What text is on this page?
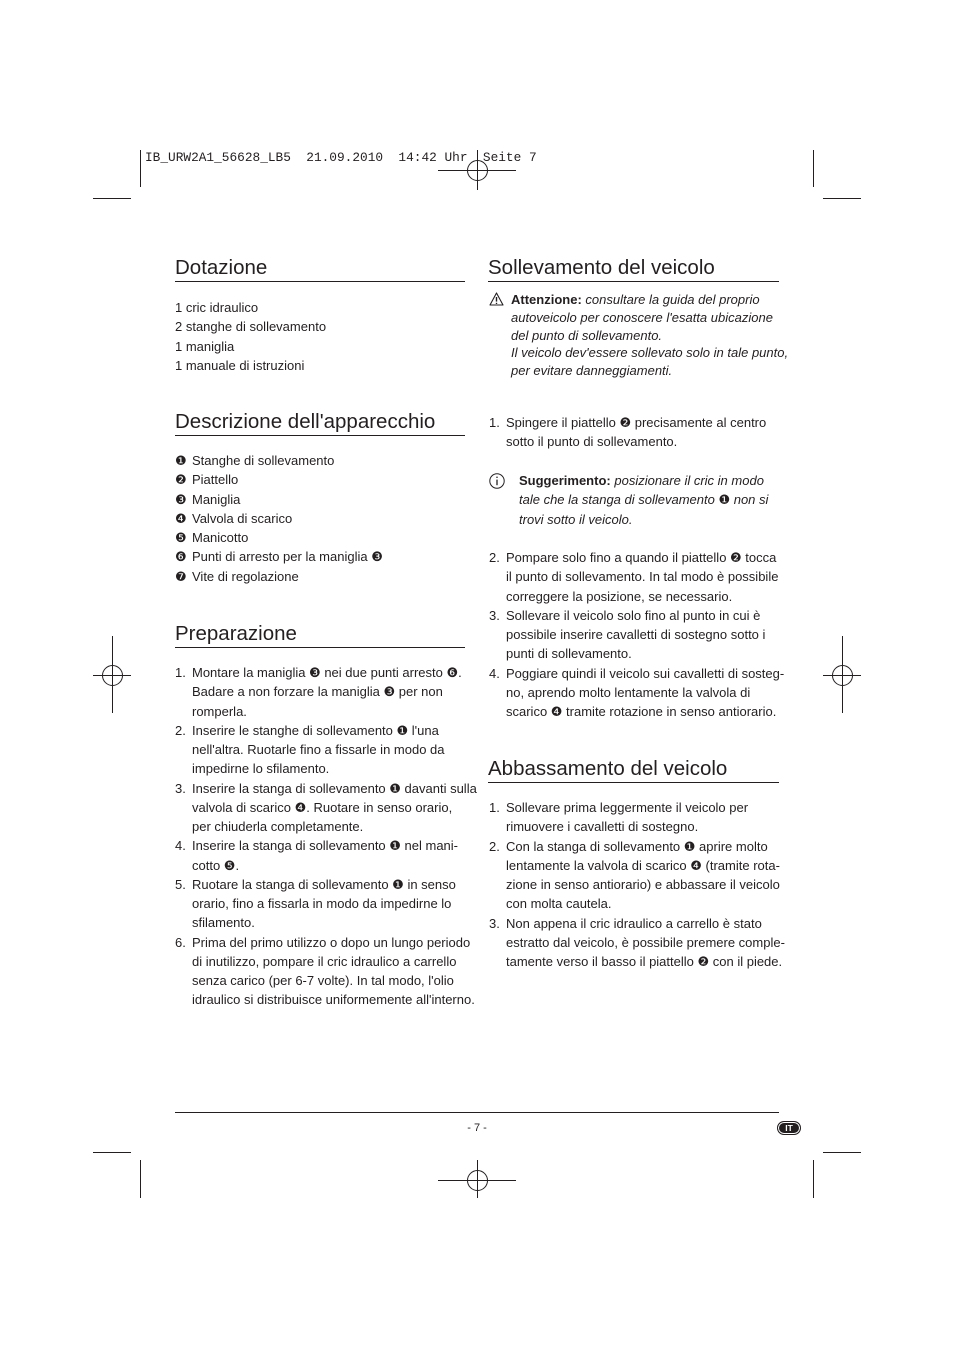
IB_URW2A1_56628_LB5  21.09.2010  14:42 Uhr  Seite 7
Dotazione
1 cric idraulico
2 stanghe di sollevamento
1 maniglia
1 manuale di istruzioni
Descrizione dell'apparecchio
❶ Stanghe di sollevamento
❷ Piattello
❸ Maniglia
❹ Valvola di scarico
❺ Manicotto
❻ Punti di arresto per la maniglia ❸
❼ Vite di regolazione
Preparazione
1. Montare la maniglia ❸ nei due punti arresto ❻.
Badare a non forzare la maniglia ❸ per non
romperla.
2. Inserire le stanghe di sollevamento ❶ l'una
nell'altra. Ruotarle fino a fissarle in modo da
impedirne lo sfilamento.
3. Inserire la stanga di sollevamento ❶ davanti sulla
valvola di scarico ❹. Ruotare in senso orario,
per chiuderla completamente.
4. Inserire la stanga di sollevamento ❶ nel mani-
cotto ❺.
5. Ruotare la stanga di sollevamento ❶ in senso
orario, fino a fissarla in modo da impedirne lo
sfilamento.
6. Prima del primo utilizzo o dopo un lungo periodo
di inutilizzo, pompare il cric idraulico a carrello
senza carico (per 6-7 volte). In tal modo, l'olio
idraulico si distribuisce uniformemente all'interno.
Sollevamento del veicolo
Attenzione: consultare la guida del proprio
autoveicolo per conoscere l'esatta ubicazione
del punto di sollevamento.
Il veicolo dev'essere sollevato solo in tale punto,
per evitare danneggiamenti.
1. Spingere il piattello ❷ precisamente al centro
sotto il punto di sollevamento.
Suggerimento: posizionare il cric in modo
tale che la stanga di sollevamento ❶ non si
trovi sotto il veicolo.
2. Pompare solo fino a quando il piattello ❷ tocca
il punto di sollevamento. In tal modo è possibile
correggere la posizione, se necessario.
3. Sollevare il veicolo solo fino al punto in cui è
possibile inserire cavalletti di sostegno sotto i
punti di sollevamento.
4. Poggiare quindi il veicolo sui cavalletti di sosteg-
no, aprendo molto lentamente la valvola di
scarico ❹ tramite rotazione in senso antiorario.
Abbassamento del veicolo
1. Sollevare prima leggermente il veicolo per
rimuovere i cavalletti di sostegno.
2. Con la stanga di sollevamento ❶ aprire molto
lentamente la valvola di scarico ❹ (tramite rota-
zione in senso antiorario) e abbassare il veicolo
con molta cautela.
3. Non appena il cric idraulico a carrello è stato
estratto dal veicolo, è possibile premere comple-
tamente verso il basso il piattello ❷ con il piede.
- 7 -	IT
